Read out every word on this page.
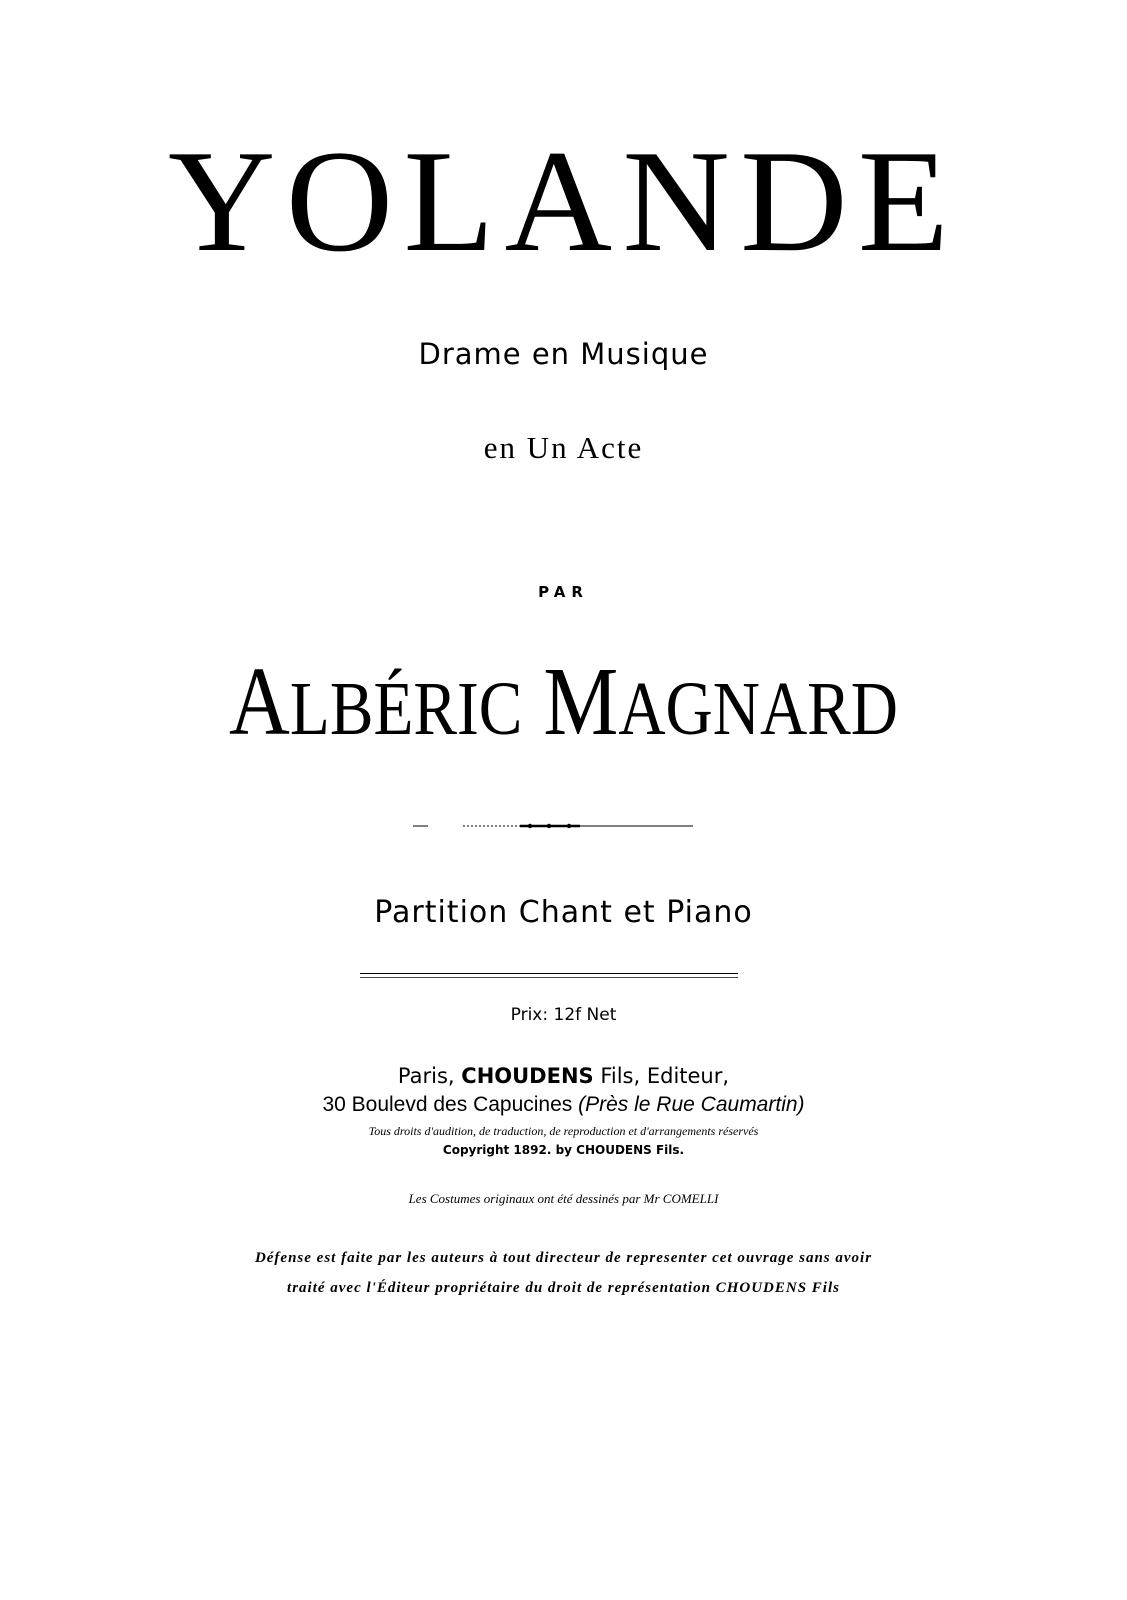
YOLANDE
Drame en Musique
en Un Acte
PAR
ALBÉRIC MAGNARD
Partition Chant et Piano
Prix: 12f Net
Paris, CHOUDENS Fils, Editeur,
30 Boulevd des Capucines (Près le Rue Caumartin)
Tous droits d'audition, de traduction, de reproduction et d'arrangements réservés
Copyright 1892. by CHOUDENS Fils.
Les Costumes originaux ont été dessinés par Mr COMELLI
Défense est faite par les auteurs à tout directeur de representer cet ouvrage sans avoir
traité avec l'Éditeur propriétaire du droit de représentation CHOUDENS Fils
